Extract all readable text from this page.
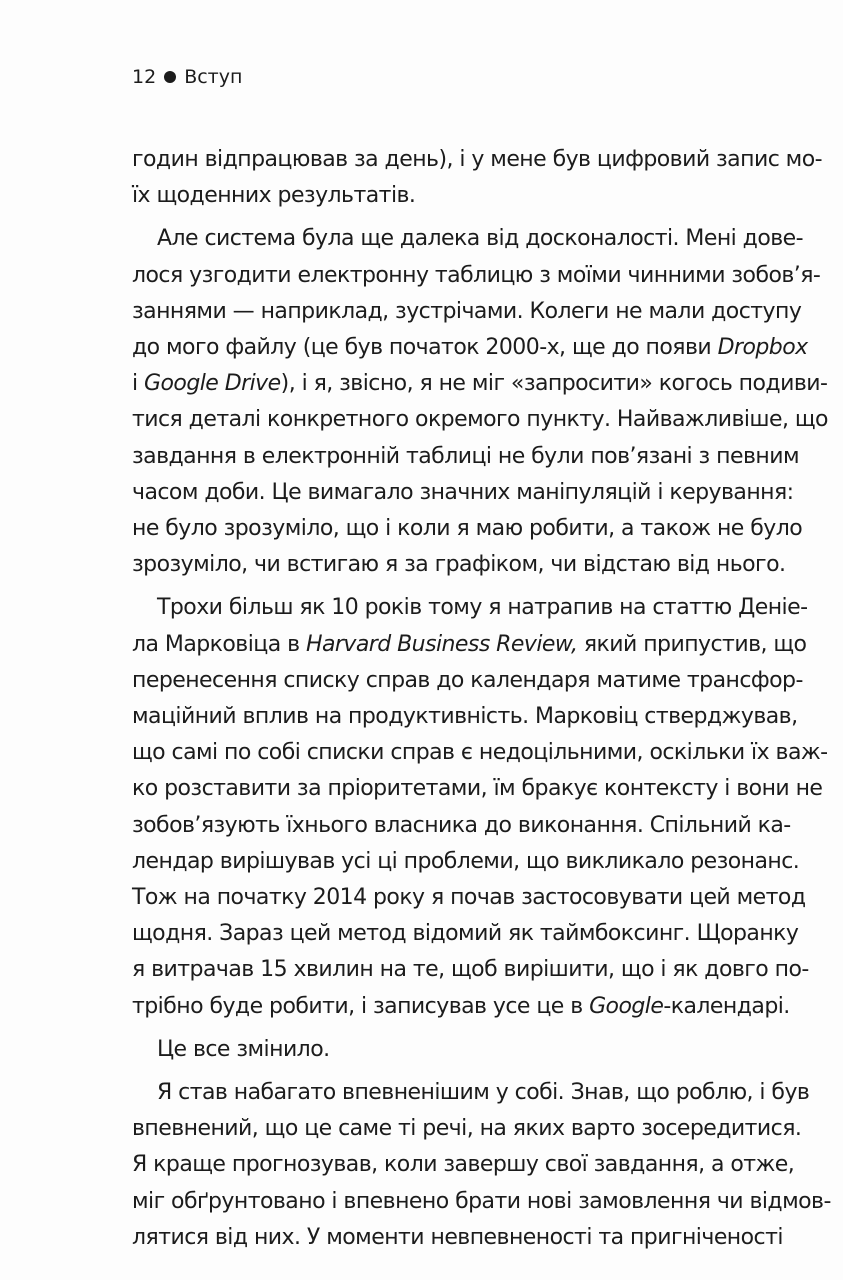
12 Вступ
годин відпрацював за день), і у мене був цифровий запис мо-
їх щоденних результатів.
Але система була ще далека від досконалості. Мені дове-
лося узгодити електронну таблицю з моїми чинними зобов’я-
заннями — наприклад, зустрічами. Колеги не мали доступу
до мого файлу (це був початок 2000-х, ще до появи Dropbox
і Google Drive), і я, звісно, я не міг «запросити» когось подиви-
тися деталі конкретного окремого пункту. Найважливіше, що
завдання в електронній таблиці не були пов’язані з певним
часом доби. Це вимагало значних маніпуляцій і керування:
не було зрозуміло, що і коли я маю робити, а також не було
зрозуміло, чи встигаю я за графіком, чи відстаю від нього.
Трохи більш як 10 років тому я натрапив на статтю Деніе-
ла Марковіца в Harvard Business Review, який припустив, що
перенесення списку справ до календаря матиме трансфор-
маційний вплив на продуктивність. Марковіц стверджував,
що самі по собі списки справ є недоцільними, оскільки їх важ-
ко розставити за пріоритетами, їм бракує контексту і вони не
зобов’язують їхнього власника до виконання. Спільний ка-
лендар вирішував усі ці проблеми, що викликало резонанс.
Тож на початку 2014 року я почав застосовувати цей метод
щодня. Зараз цей метод відомий як таймбоксинг. Щоранку
я витрачав 15 хвилин на те, щоб вирішити, що і як довго по-
трібно буде робити, і записував усе це в Google-календарі.
Це все змінило.
Я став набагато впевненішим у собі. Знав, що роблю, і був
впевнений, що це саме ті речі, на яких варто зосередитися.
Я краще прогнозував, коли завершу свої завдання, а отже,
міг обґрунтовано і впевнено брати нові замовлення чи відмов-
лятися від них. У моменти невпевненості та пригніченості
